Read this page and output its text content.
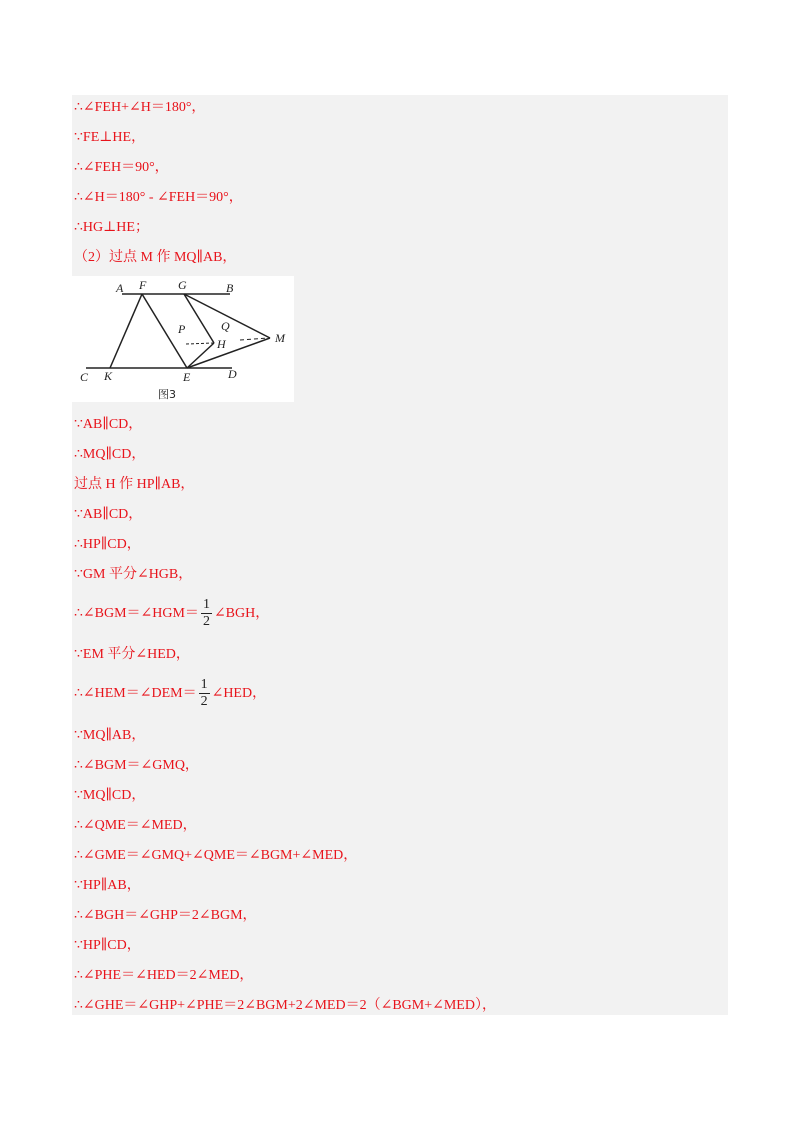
∴∠FEH+∠H＝180°，
∵FE⊥HE，
∴∠FEH＝90°，
∴∠H＝180° - ∠FEH＝90°，
∴HG⊥HE；
（2）过点 M 作 MQ∥AB，
A F	G	B
P	Q
H	M
C K	E	D
图3
∵AB∥CD，
∴MQ∥CD，
过点 H 作 HP∥AB，
∵AB∥CD，
∴HP∥CD，
∵GM 平分∠HGB，
∴∠BGM＝∠HGM＝ $\frac{1}{2}$ ∠BGH，
∵EM 平分∠HED，
∴∠HEM＝∠DEM＝ $\frac{1}{2}$ ∠HED，
∵MQ∥AB，
∴∠BGM＝∠GMQ，
∵MQ∥CD，
∴∠QME＝∠MED，
∴∠GME＝∠GMQ+∠QME＝∠BGM+∠MED，
∵HP∥AB，
∴∠BGH＝∠GHP＝2∠BGM，
∵HP∥CD，
∴∠PHE＝∠HED＝2∠MED，
∴∠GHE＝∠GHP+∠PHE＝2∠BGM+2∠MED＝2（∠BGM+∠MED），
